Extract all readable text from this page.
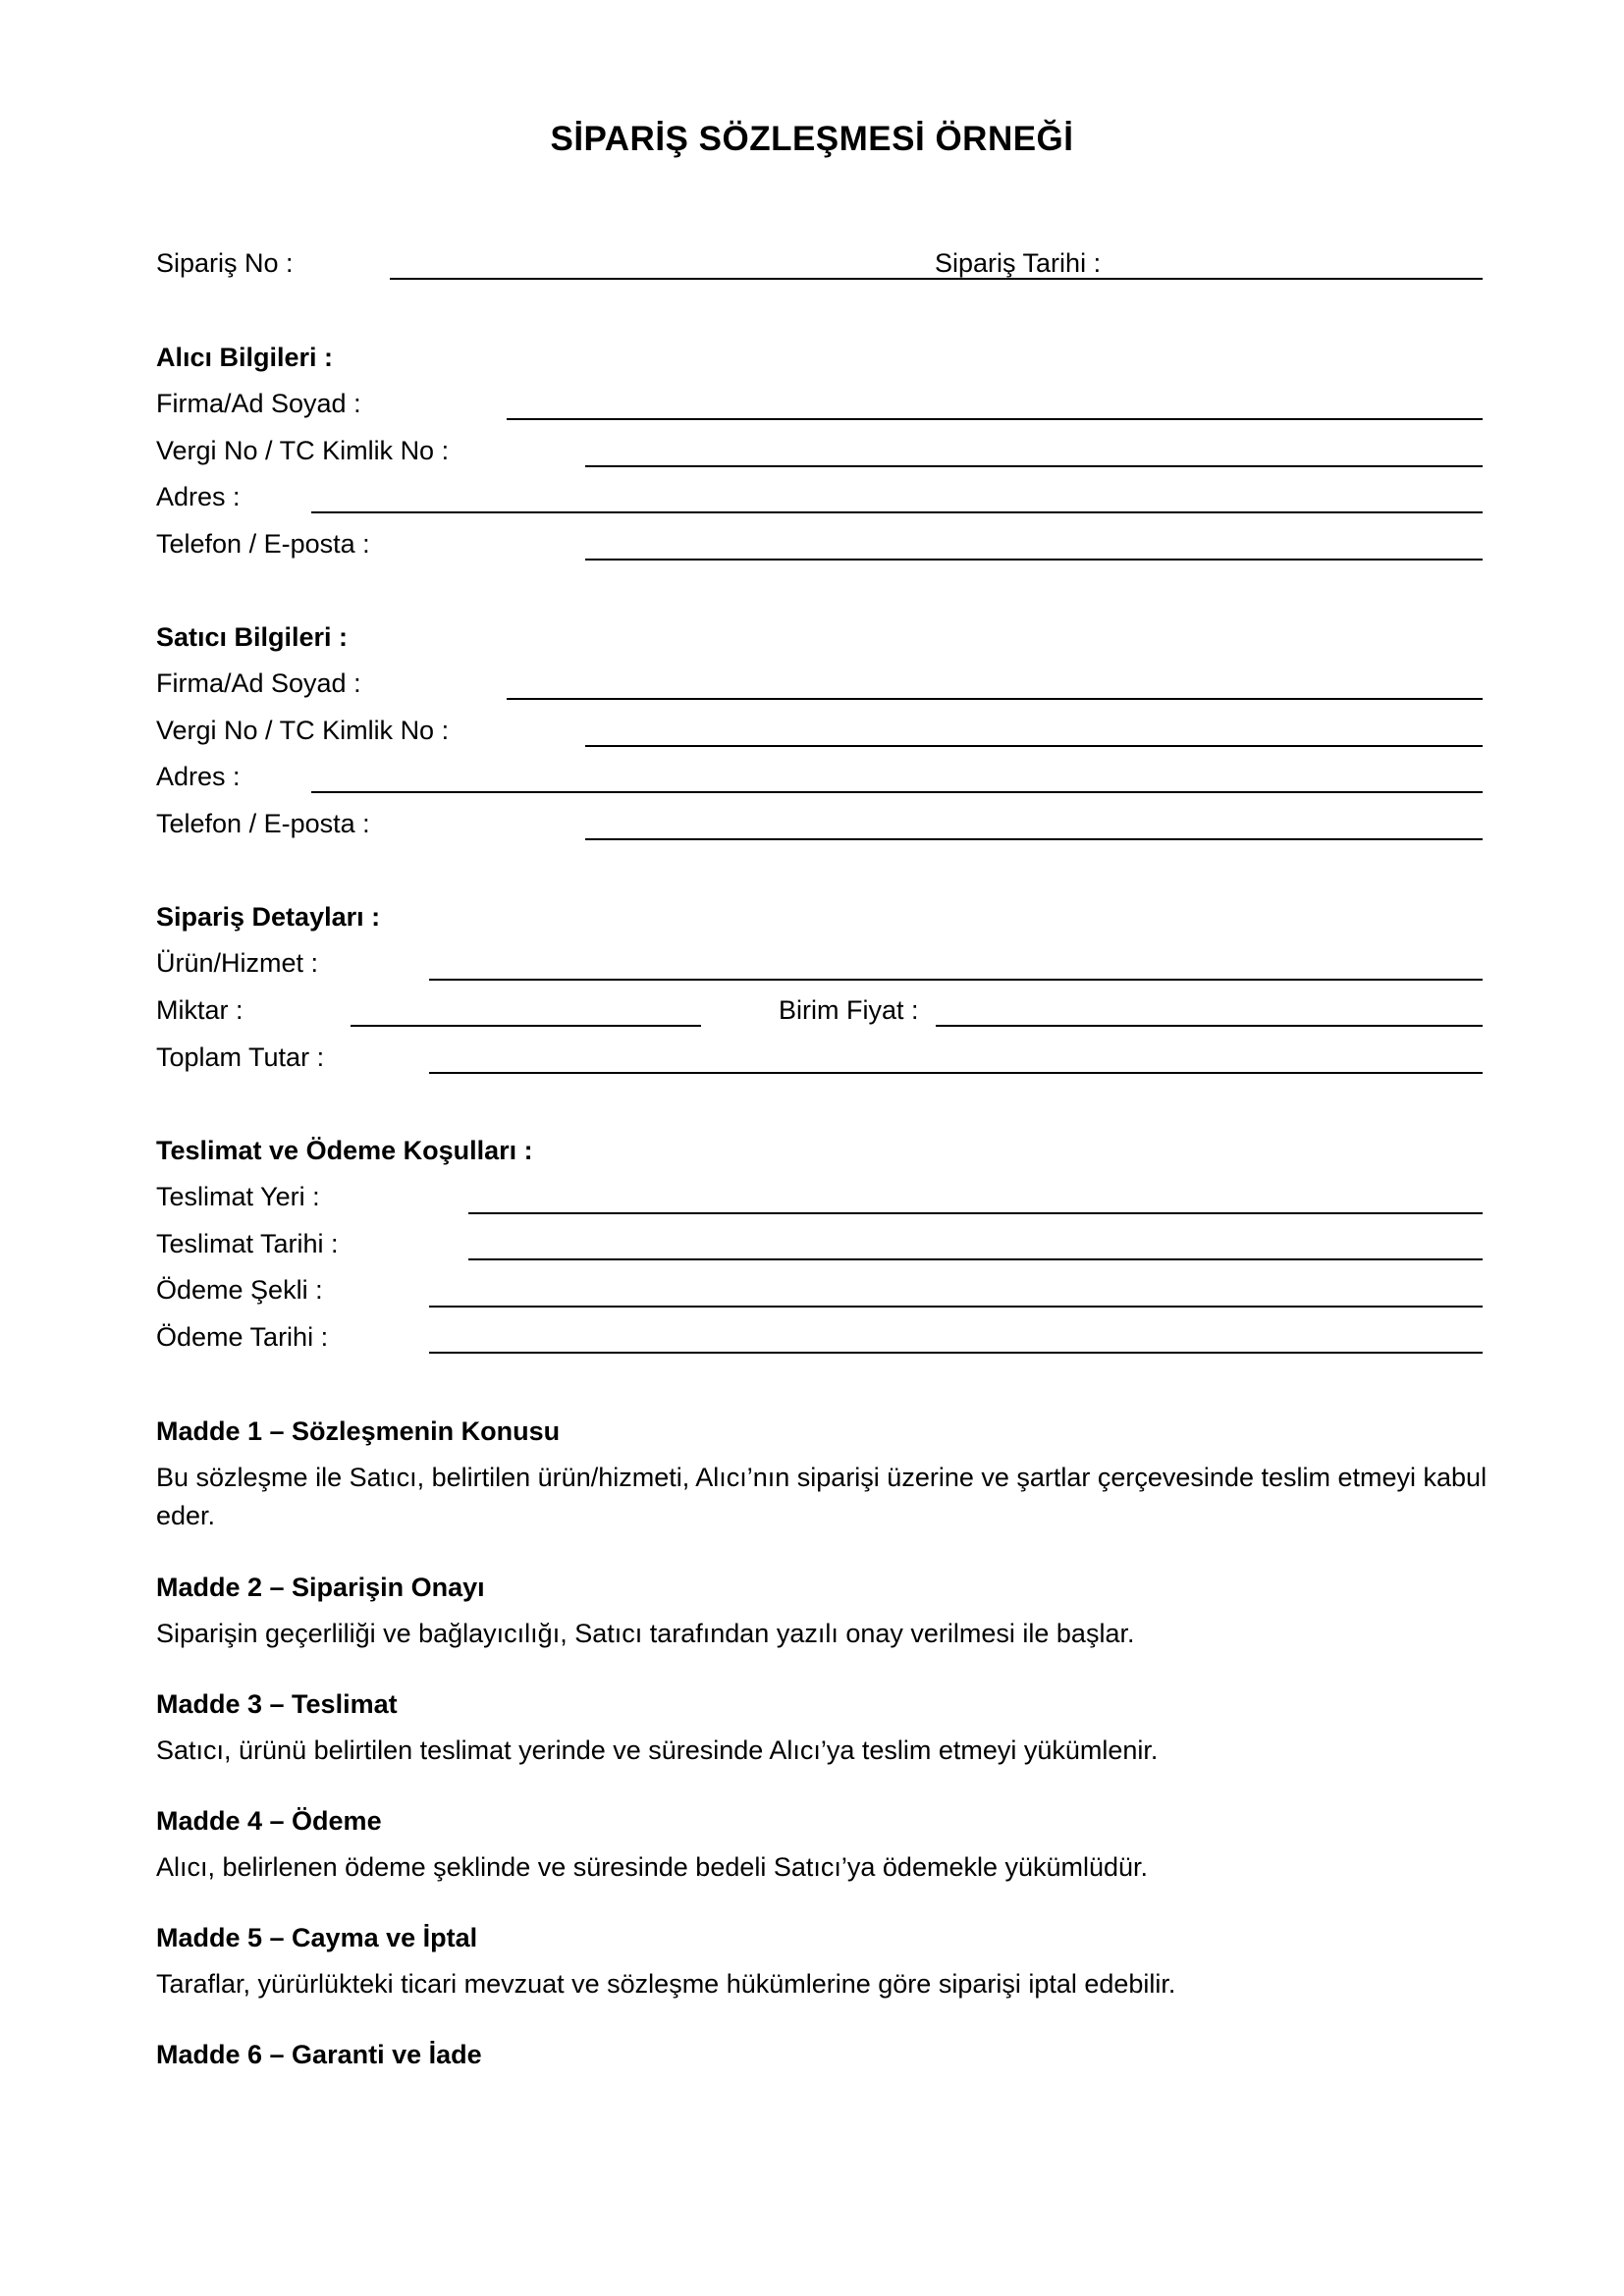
SİPARİŞ SÖZLEŞMESİ ÖRNEĞİ
Sipariş No :	Sipariş Tarihi :
Alıcı Bilgileri :
Firma/Ad Soyad :
Vergi No / TC Kimlik No :
Adres :
Telefon / E-posta :
Satıcı Bilgileri :
Firma/Ad Soyad :
Vergi No / TC Kimlik No :
Adres :
Telefon / E-posta :
Sipariş Detayları :
Ürün/Hizmet :
Miktar :	Birim Fiyat :
Toplam Tutar :
Teslimat ve Ödeme Koşulları :
Teslimat Yeri :
Teslimat Tarihi :
Ödeme Şekli :
Ödeme Tarihi :
Madde 1 – Sözleşmenin Konusu
Bu sözleşme ile Satıcı, belirtilen ürün/hizmeti, Alıcı’nın siparişi üzerine ve şartlar çerçevesinde teslim etmeyi kabul eder.
Madde 2 – Siparişin Onayı
Siparişin geçerliliği ve bağlayıcılığı, Satıcı tarafından yazılı onay verilmesi ile başlar.
Madde 3 – Teslimat
Satıcı, ürünü belirtilen teslimat yerinde ve süresinde Alıcı’ya teslim etmeyi yükümlenir.
Madde 4 – Ödeme
Alıcı, belirlenen ödeme şeklinde ve süresinde bedeli Satıcı’ya ödemekle yükümlüdür.
Madde 5 – Cayma ve İptal
Taraflar, yürürlükteki ticari mevzuat ve sözleşme hükümlerine göre siparişi iptal edebilir.
Madde 6 – Garanti ve İade
